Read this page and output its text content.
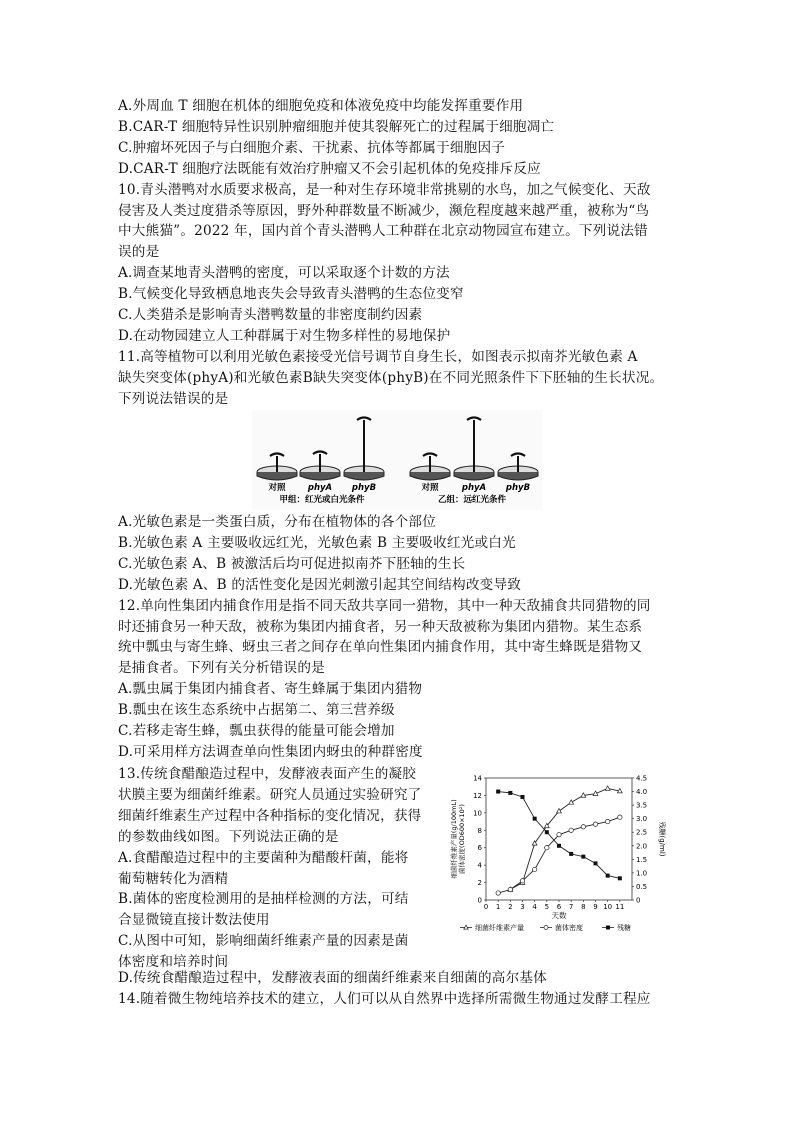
A.外周血 T 细胞在机体的细胞免疫和体液免疫中均能发挥重要作用
B.CAR-T 细胞特异性识别肿瘤细胞并使其裂解死亡的过程属于细胞凋亡
C.肿瘤坏死因子与白细胞介素、干扰素、抗体等都属于细胞因子
D.CAR-T 细胞疗法既能有效治疗肿瘤又不会引起机体的免疫排斥反应
10.青头潜鸭对水质要求极高，是一种对生存环境非常挑剔的水鸟，加之气候变化、天敌
侵害及人类过度猎杀等原因，野外种群数量不断减少，濒危程度越来越严重，被称为“鸟
中大熊猫”。2022 年，国内首个青头潜鸭人工种群在北京动物园宣布建立。下列说法错
误的是
A.调查某地青头潜鸭的密度，可以采取逐个计数的方法
B.气候变化导致栖息地丧失会导致青头潜鸭的生态位变窄
C.人类猎杀是影响青头潜鸭数量的非密度制约因素
D.在动物园建立人工种群属于对生物多样性的易地保护
11.高等植物可以利用光敏色素接受光信号调节自身生长，如图表示拟南芥光敏色素 A
缺失突变体(phyA)和光敏色素B缺失突变体(phyB)在不同光照条件下下胚轴的生长状况。
下列说法错误的是
对照	phyA phyB	对照	phyA phyB
甲组：红光或白光条件	乙组：远红光条件
A.光敏色素是一类蛋白质，分布在植物体的各个部位
B.光敏色素 A 主要吸收远红光，光敏色素 B 主要吸收红光或白光
C.光敏色素 A、B 被激活后均可促进拟南芥下胚轴的生长
D.光敏色素 A、B 的活性变化是因光刺激引起其空间结构改变导致
12.单向性集团内捕食作用是指不同天敌共享同一猎物，其中一种天敌捕食共同猎物的同
时还捕食另一种天敌，被称为集团内捕食者，另一种天敌被称为集团内猎物。某生态系
统中瓢虫与寄生蜂、蚜虫三者之间存在单向性集团内捕食作用，其中寄生蜂既是猎物又
是捕食者。下列有关分析错误的是
A.瓢虫属于集团内捕食者、寄生蜂属于集团内猎物
B.瓢虫在该生态系统中占据第二、第三营养级
C.若移走寄生蜂，瓢虫获得的能量可能会增加
D.可采用样方法调查单向性集团内蚜虫的种群密度
13.传统食醋酿造过程中，发酵液表面产生的凝胶
状膜主要为细菌纤维素。研究人员通过实验研究了
细菌纤维素生产过程中各种指标的变化情况，获得
的参数曲线如图。下列说法正确的是
A.食醋酿造过程中的主要菌种为醋酸杆菌，能将
葡萄糖转化为酒精
B.菌体的密度检测用的是抽样检测的方法，可结
合显微镜直接计数法使用
C.从图中可知，影响细菌纤维素产量的因素是菌
体密度和培养时间
0
2
4
6
8
10
12
14
0
0.5
1.0
1.5
2.0
2.5
3.0
3.5
4.0
4.5
0 1 2 3 4 5 6 7 8 9 10 11
天数
细菌纤维素产量(g/100mL) 菌体密度(OD600×10²)	残糖(g/ml)
细菌纤维素产量	菌体密度	残糖
D.传统食醋酿造过程中，发酵液表面的细菌纤维素来自细菌的高尔基体
14.随着微生物纯培养技术的建立，人们可以从自然界中选择所需微生物通过发酵工程应
